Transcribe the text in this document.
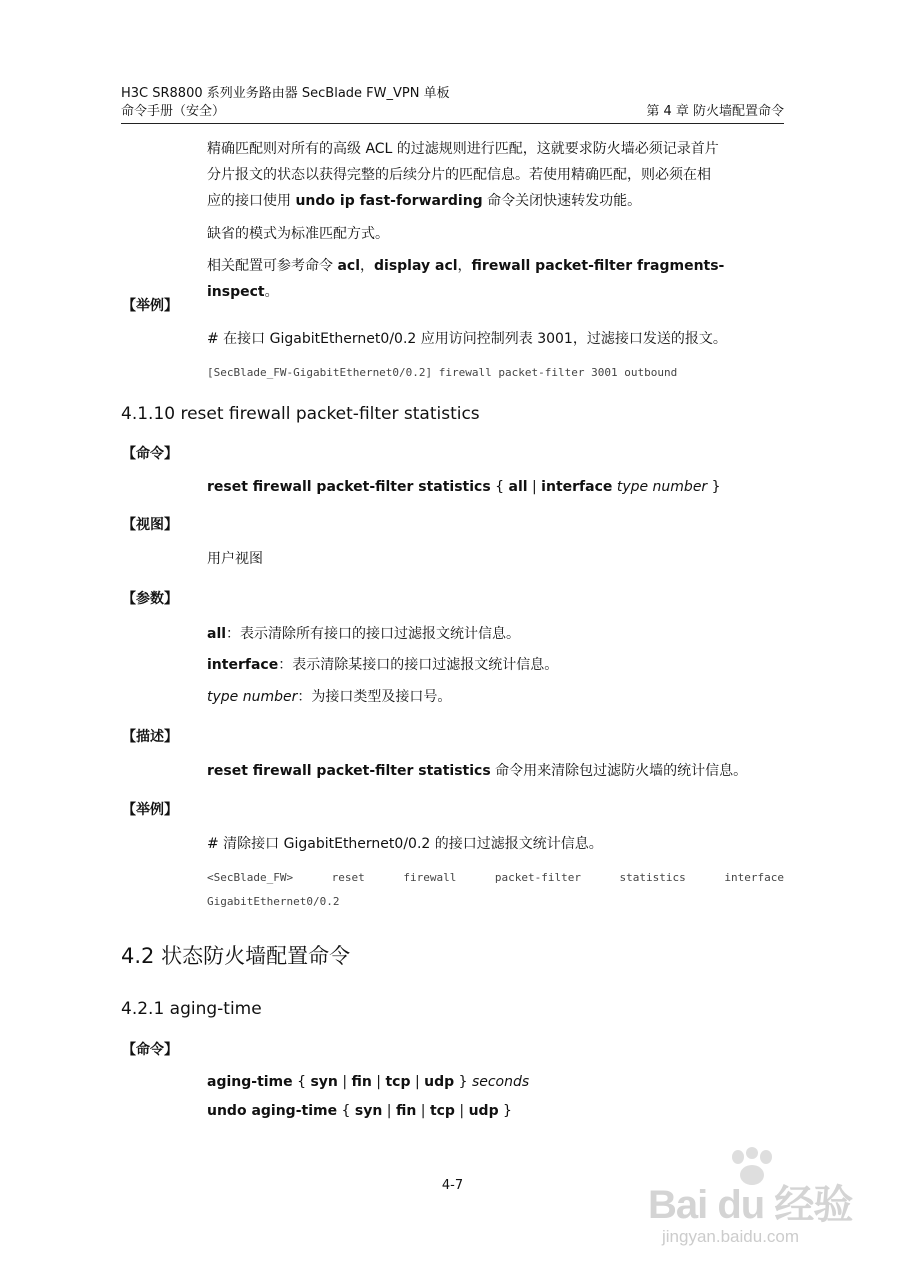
H3C SR8800 系列业务路由器 SecBlade FW_VPN 单板
命令手册（安全）	第 4 章 防火墙配置命令
精确匹配则对所有的高级 ACL 的过滤规则进行匹配，这就要求防火墙必须记录首片
分片报文的状态以获得完整的后续分片的匹配信息。若使用精确匹配，则必须在相
应的接口使用 undo ip fast-forwarding 命令关闭快速转发功能。
缺省的模式为标准匹配方式。
相关配置可参考命令 acl，display acl，firewall packet-filter fragments-inspect。
【举例】
# 在接口 GigabitEthernet0/0.2 应用访问控制列表 3001，过滤接口发送的报文。
[SecBlade_FW-GigabitEthernet0/0.2] firewall packet-filter 3001 outbound
4.1.10 reset firewall packet-filter statistics
【命令】
reset firewall packet-filter statistics { all | interface type number }
【视图】
用户视图
【参数】
all：表示清除所有接口的接口过滤报文统计信息。
interface：表示清除某接口的接口过滤报文统计信息。
type number：为接口类型及接口号。
【描述】
reset firewall packet-filter statistics 命令用来清除包过滤防火墙的统计信息。
【举例】
# 清除接口 GigabitEthernet0/0.2 的接口过滤报文统计信息。
<SecBlade_FW>	reset	firewall	packet-filter	statistics	interface
GigabitEthernet0/0.2
4.2 状态防火墙配置命令
4.2.1 aging-time
【命令】
aging-time { syn | fin | tcp | udp } seconds
undo aging-time { syn | fin | tcp | udp }
4-7	Bai du 经验
jingyan.baidu.com
